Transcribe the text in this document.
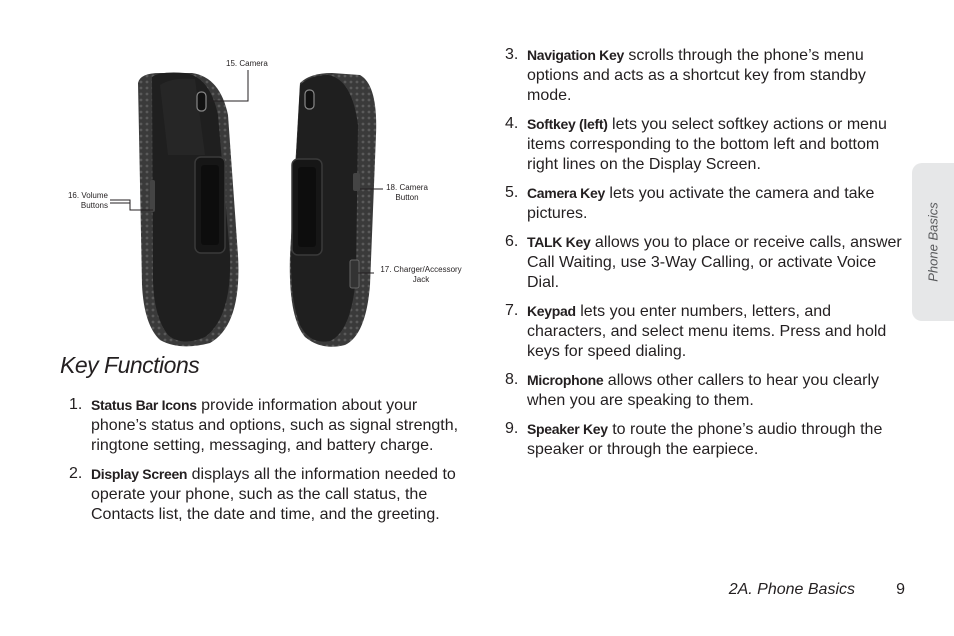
15. Camera
16. Volume
Buttons
18. Camera
Button
17. Charger/Accessory
Jack
Key Functions
1. Status Bar Icons provide information about your phone’s status and options, such as signal strength, ringtone setting, messaging, and battery charge.
2. Display Screen displays all the information needed to operate your phone, such as the call status, the Contacts list, the date and time, and the greeting.
3. Navigation Key scrolls through the phone’s menu options and acts as a shortcut key from standby mode.
4. Softkey (left) lets you select softkey actions or menu items corresponding to the bottom left and bottom right lines on the Display Screen.
5. Camera Key lets you activate the camera and take pictures.
6. TALK Key allows you to place or receive calls, answer Call Waiting, use 3-Way Calling, or activate Voice Dial.
7. Keypad lets you enter numbers, letters, and characters, and select menu items. Press and hold keys for speed dialing.
8. Microphone allows other callers to hear you clearly when you are speaking to them.
9. Speaker Key to route the phone’s audio through the speaker or through the earpiece.
Phone Basics
2A. Phone Basics	9
